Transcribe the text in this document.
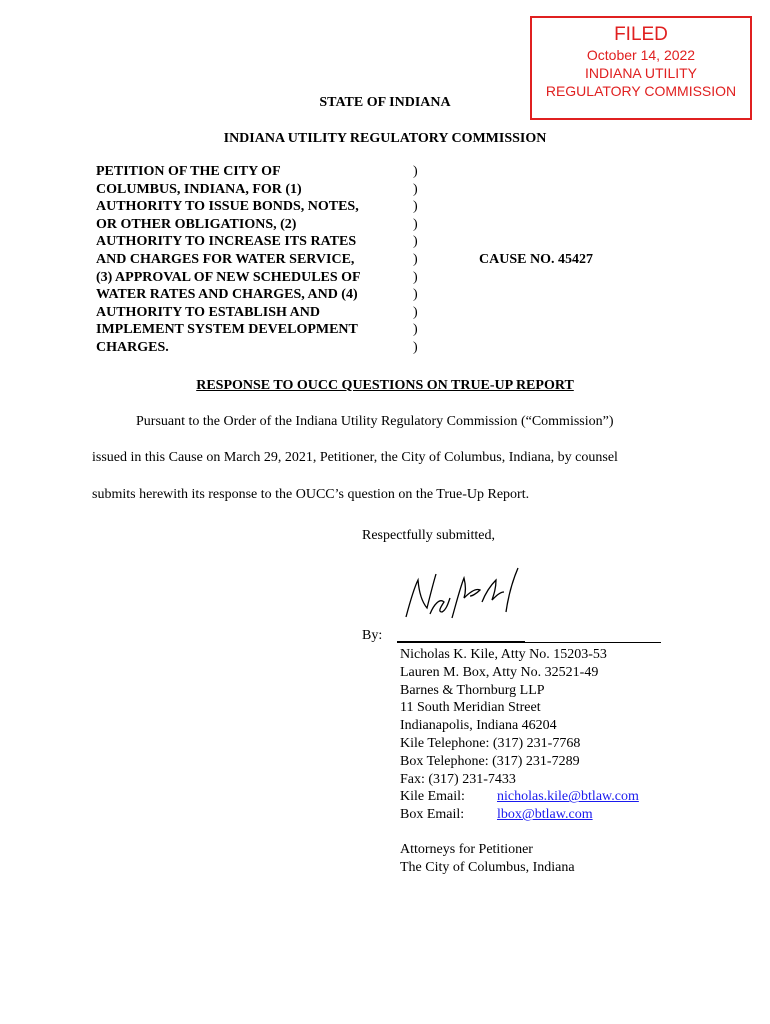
FILED
October 14, 2022
INDIANA UTILITY
REGULATORY COMMISSION
STATE OF INDIANA
INDIANA UTILITY REGULATORY COMMISSION
PETITION OF THE CITY OF
COLUMBUS, INDIANA, FOR (1)
AUTHORITY TO ISSUE BONDS, NOTES,
OR OTHER OBLIGATIONS, (2)
AUTHORITY TO INCREASE ITS RATES
AND CHARGES FOR WATER SERVICE,
(3) APPROVAL OF NEW SCHEDULES OF
WATER RATES AND CHARGES, AND (4)
AUTHORITY TO ESTABLISH AND
IMPLEMENT SYSTEM DEVELOPMENT
CHARGES.
)
)
)
)
)
)
)
)
)
)
)
CAUSE NO. 45427
RESPONSE TO OUCC QUESTIONS ON TRUE-UP REPORT
Pursuant to the Order of the Indiana Utility Regulatory Commission (“Commission”)
issued in this Cause on March 29, 2021, Petitioner, the City of Columbus, Indiana, by counsel
submits herewith its response to the OUCC’s question on the True-Up Report.
Respectfully submitted,
By:
Nicholas K. Kile, Atty No. 15203-53
Lauren M. Box, Atty No. 32521-49
Barnes & Thornburg LLP
11 South Meridian Street
Indianapolis, Indiana 46204
Kile Telephone: (317) 231-7768
Box Telephone: (317) 231-7289
Fax: (317) 231-7433
Kile Email:	nicholas.kile@btlaw.com
Box Email:	lbox@btlaw.com
Attorneys for Petitioner
The City of Columbus, Indiana
